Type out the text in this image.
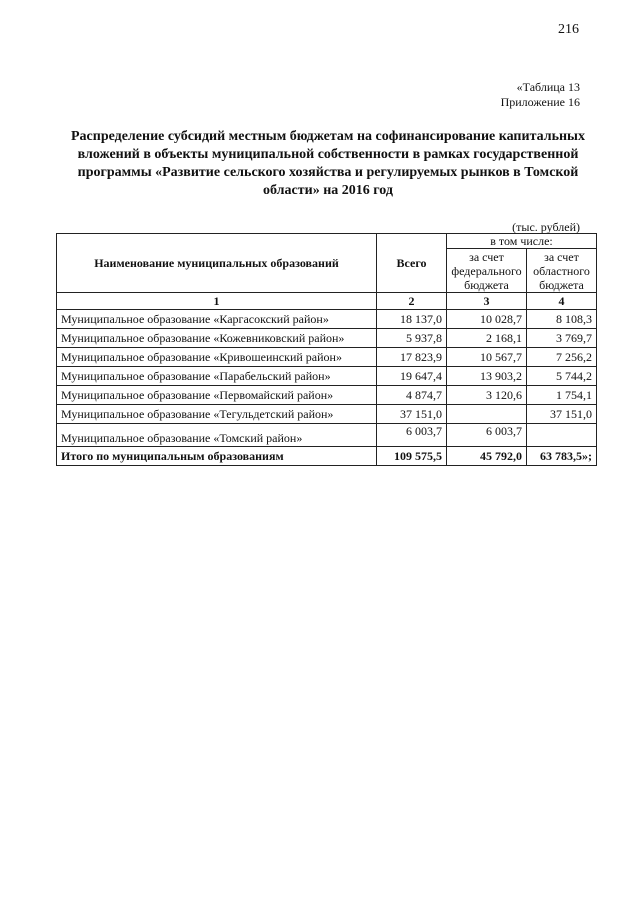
216
«Таблица 13
Приложение 16
Распределение субсидий местным бюджетам на софинансирование капитальных вложений в объекты муниципальной собственности в рамках государственной программы «Развитие сельского хозяйства и регулируемых рынков в Томской области» на 2016 год
(тыс. рублей)
Наименование муниципальных образований	Всего	в том числе:	
		за счет федерального бюджета	за счет областного бюджета
1	2	3	4
Муниципальное образование «Каргасокский район»	18 137,0	10 028,7	8 108,3
Муниципальное образование «Кожевниковский район»	5 937,8	2 168,1	3 769,7
Муниципальное образование «Кривошеинский район»	17 823,9	10 567,7	7 256,2
Муниципальное образование «Парабельский район»	19 647,4	13 903,2	5 744,2
Муниципальное образование «Первомайский район»	4 874,7	3 120,6	1 754,1
Муниципальное образование «Тегульдетский район»	37 151,0		37 151,0
Муниципальное образование «Томский район»	6 003,7	6 003,7	
Итого по муниципальным образованиям	109 575,5	45 792,0	63 783,5»;
